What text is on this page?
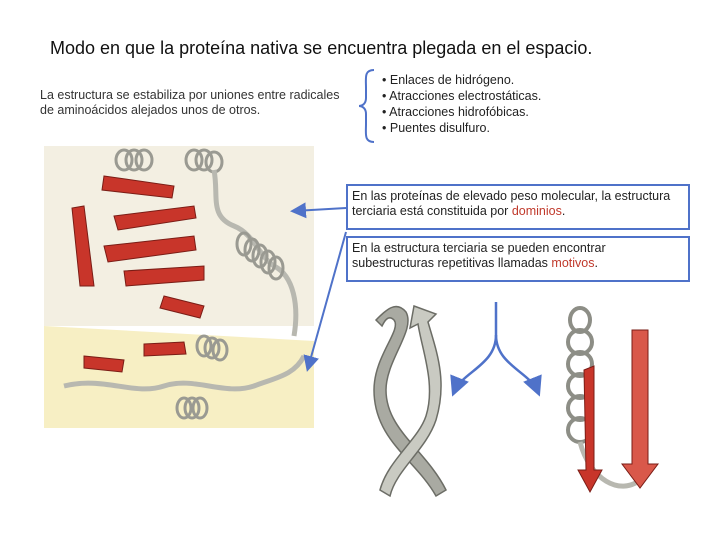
Modo en que la proteína nativa se encuentra plegada en el espacio.
La estructura se estabiliza por uniones entre radicales de aminoácidos alejados unos de otros.
• Enlaces de hidrógeno.
• Atracciones electrostáticas.
• Atracciones hidrofóbicas.
• Puentes disulfuro.
En las proteínas de elevado peso molecular, la estructura terciaria está constituida por dominios.
En la estructura terciaria se pueden encontrar subestructuras repetitivas llamadas motivos.
